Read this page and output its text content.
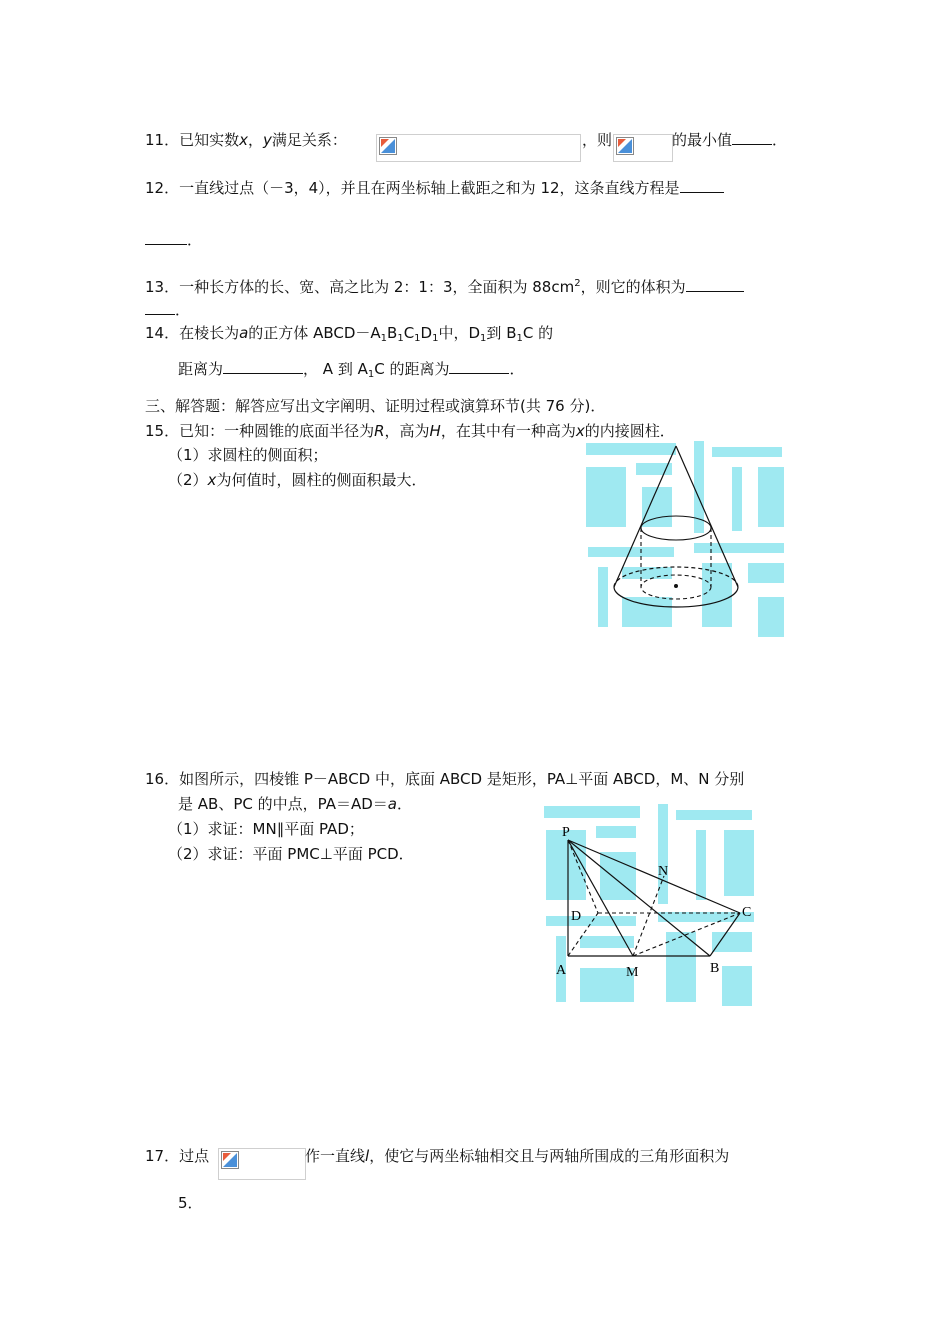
11．已知实数x，y满足关系：	，则	的最小值	．
12．一直线过点（－3，4），并且在两坐标轴上截距之和为 12，这条直线方程是
．
13．一种长方体的长、宽、高之比为 2：1：3，全面积为 $88cm^2$，则它的体积为
．
14．在棱长为a的正方体 $ABCD-A_1B_1C_1D_1$中，$D_1$到 $B_1C$ 的
距离为	， A 到 $A_1C$ 的距离为	．
三、解答题：解答应写出文字阐明、证明过程或演算环节(共 76 分)．
15．已知：一种圆锥的底面半径为R，高为H，在其中有一种高为x的内接圆柱．
（1）求圆柱的侧面积；
（2）x为何值时，圆柱的侧面积最大．
16．如图所示，四棱锥 P－ABCD 中，底面 ABCD 是矩形，PA⊥平面 ABCD，M、N 分别
是 AB、PC 的中点，PA＝AD＝a．
（1）求证：MN∥平面 PAD；
（2）求证：平面 PMC⊥平面 PCD．
P
N
D	C
A	M	B
17．过点	作一直线l，使它与两坐标轴相交且与两轴所围成的三角形面积为
5．
